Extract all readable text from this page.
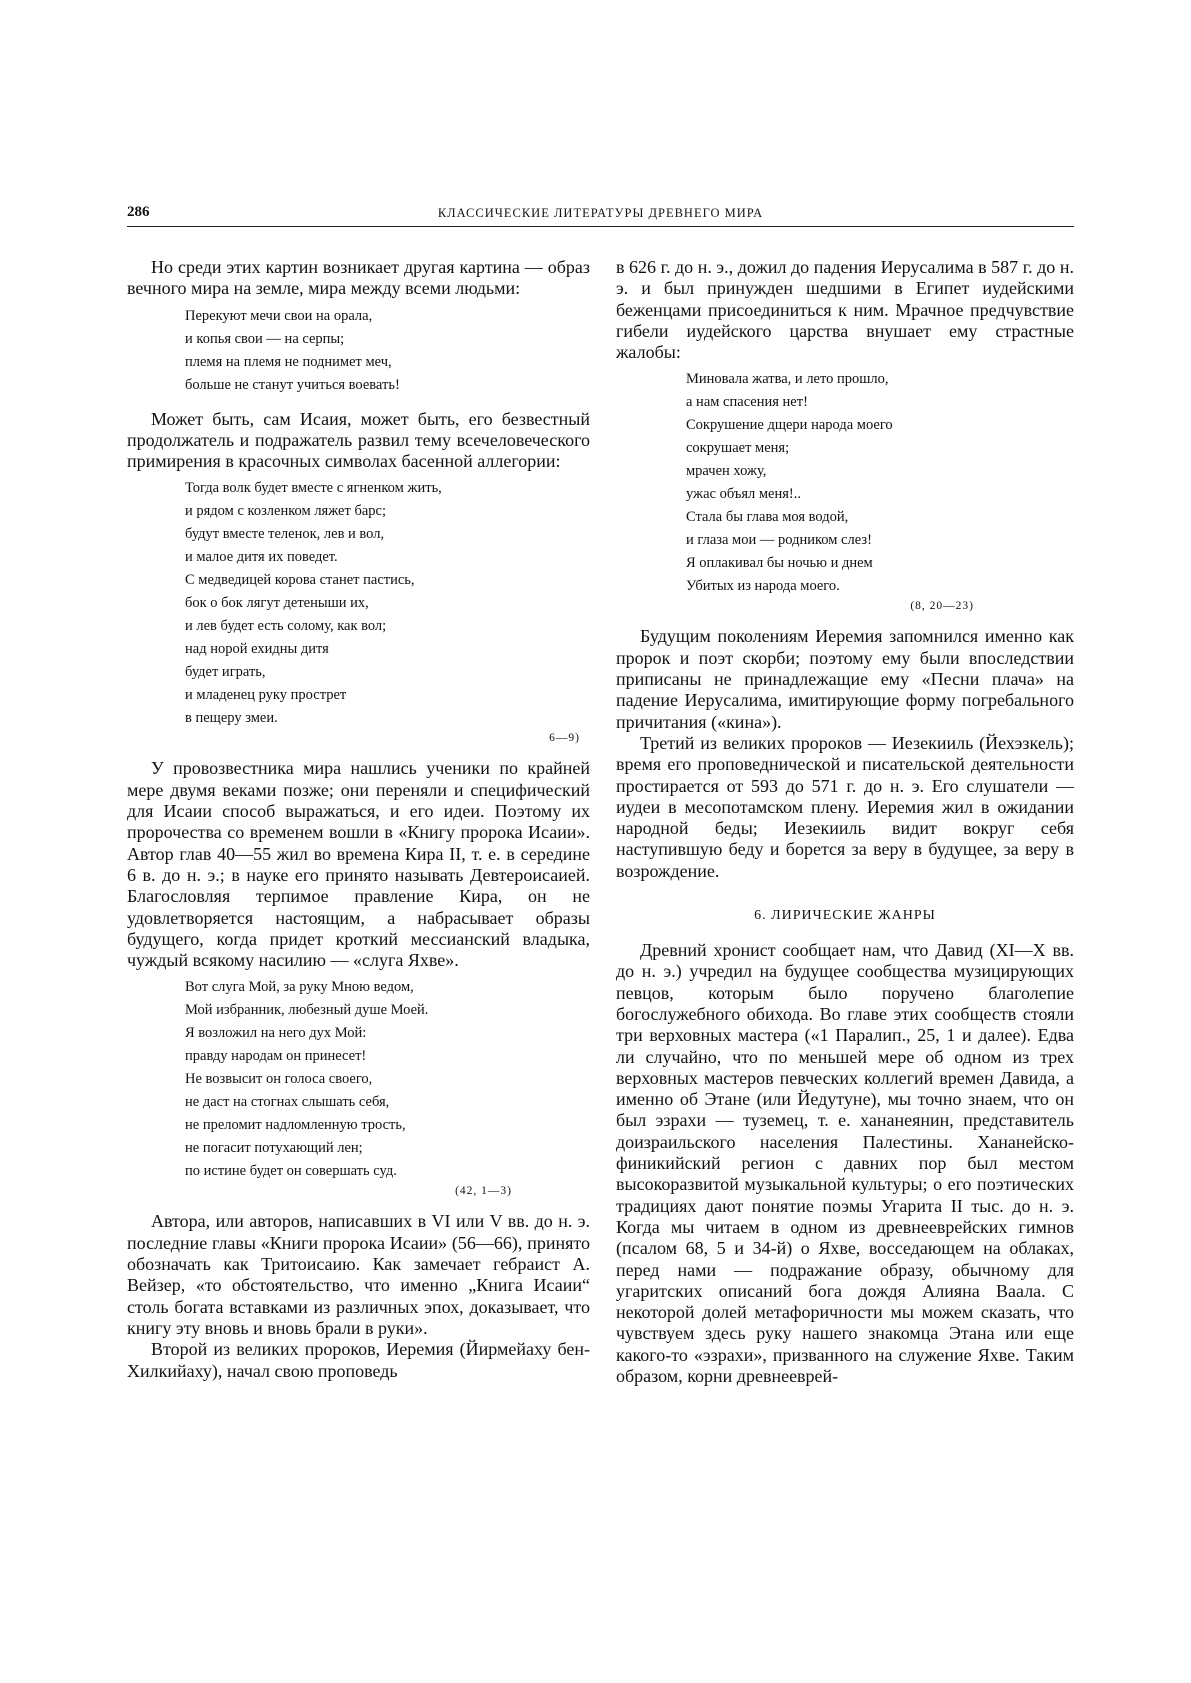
286	КЛАССИЧЕСКИЕ ЛИТЕРАТУРЫ ДРЕВНЕГО МИРА

Но среди этих картин возникает другая картина — образ вечного мира на земле, мира между всеми людьми:

Перекуют мечи свои на орала,
и копья свои — на серпы;
племя на племя не поднимет меч,
больше не станут учиться воевать!

Может быть, сам Исаия, может быть, его безвестный продолжатель и подражатель развил тему всечеловеческого примирения в красочных символах басенной аллегории:

Тогда волк будет вместе с ягненком жить,
и рядом с козленком ляжет барс;
будут вместе теленок, лев и вол,
и малое дитя их поведет.
С медведицей корова станет пастись,
бок о бок лягут детеныши их,
и лев будет есть солому, как вол;
над норой ехидны дитя
будет играть,
и младенец руку прострет
в пещеру змеи.
6—9)

У провозвестника мира нашлись ученики по крайней мере двумя веками позже; они переняли и специфический для Исаии способ выражаться, и его идеи. Поэтому их пророчества со временем вошли в «Книгу пророка Исаии». Автор глав 40—55 жил во времена Кира II, т. е. в середине 6 в. до н. э.; в науке его принято называть Девтероисаией. Благословляя терпимое правление Кира, он не удовлетворяется настоящим, а набрасывает образы будущего, когда придет кроткий мессианский владыка, чуждый всякому насилию — «слуга Яхве».

Вот слуга Мой, за руку Мною ведом,
Мой избранник, любезный душе Моей.
Я возложил на него дух Мой:
правду народам он принесет!
Не возвысит он голоса своего,
не даст на стогнах слышать себя,
не преломит надломленную трость,
не погасит потухающий лен;
по истине будет он совершать суд.
(42, 1—3)

Автора, или авторов, написавших в VI или V вв. до н. э. последние главы «Книги пророка Исаии» (56—66), принято обозначать как Тритоисаию. Как замечает гебраист А. Вейзер, «то обстоятельство, что именно „Книга Исаии“ столь богата вставками из различных эпох, доказывает, что книгу эту вновь и вновь брали в руки».

Второй из великих пророков, Иеремия (Йирмейаху бен-Хилкийаху), начал свою проповедь

в 626 г. до н. э., дожил до падения Иерусалима в 587 г. до н. э. и был принужден шедшими в Египет иудейскими беженцами присоединиться к ним. Мрачное предчувствие гибели иудейского царства внушает ему страстные жалобы:

Миновала жатва, и лето прошло,
а нам спасения нет!
Сокрушение дщери народа моего
сокрушает меня;
мрачен хожу,
ужас объял меня!..
Стала бы глава моя водой,
и глаза мои — родником слез!
Я оплакивал бы ночью и днем
Убитых из народа моего.
(8, 20—23)

Будущим поколениям Иеремия запомнился именно как пророк и поэт скорби; поэтому ему были впоследствии приписаны не принадлежащие ему «Песни плача» на падение Иерусалима, имитирующие форму погребального причитания («кина»).

Третий из великих пророков — Иезекииль (Йехэзкель); время его проповеднической и писательской деятельности простирается от 593 до 571 г. до н. э. Его слушатели — иудеи в месопотамском плену. Иеремия жил в ожидании народной беды; Иезекииль видит вокруг себя наступившую беду и борется за веру в будущее, за веру в возрождение.

6. ЛИРИЧЕСКИЕ ЖАНРЫ

Древний хронист сообщает нам, что Давид (XI—X вв. до н. э.) учредил на будущее сообщества музицирующих певцов, которым было поручено благолепие богослужебного обихода. Во главе этих сообществ стояли три верховных мастера («1 Паралип., 25, 1 и далее). Едва ли случайно, что по меньшей мере об одном из трех верховных мастеров певческих коллегий времен Давида, а именно об Этане (или Йедутуне), мы точно знаем, что он был эзрахи — туземец, т. е. хананеянин, представитель доизраильского населения Палестины. Хананейско-финикийский регион с давних пор был местом высокоразвитой музыкальной культуры; о его поэтических традициях дают понятие поэмы Угарита II тыс. до н. э. Когда мы читаем в одном из древнееврейских гимнов (псалом 68, 5 и 34-й) о Яхве, восседающем на облаках, перед нами — подражание образу, обычному для угаритских описаний бога дождя Алияна Ваала. С некоторой долей метафоричности мы можем сказать, что чувствуем здесь руку нашего знакомца Этана или еще какого-то «эзрахи», призванного на служение Яхве. Таким образом, корни древнееврей-
